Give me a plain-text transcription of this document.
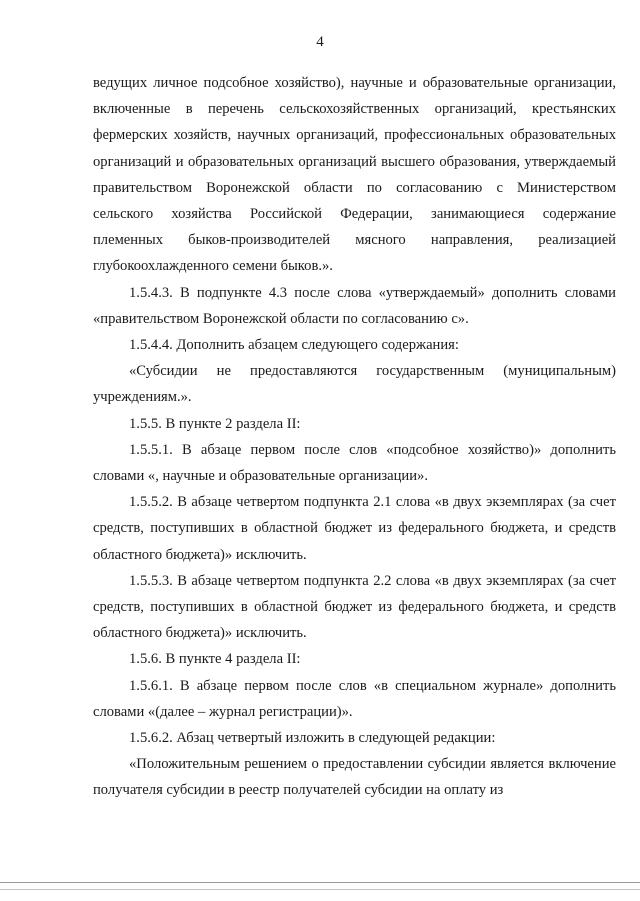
4

ведущих личное подсобное хозяйство), научные и образовательные организации, включенные в перечень сельскохозяйственных организаций, крестьянских фермерских хозяйств, научных организаций, профессиональных образовательных организаций и образовательных организаций высшего образования, утверждаемый правительством Воронежской области по согласованию с Министерством сельского хозяйства Российской Федерации, занимающиеся содержание племенных быков-производителей мясного направления, реализацией глубокоохлажденного семени быков.».

1.5.4.3. В подпункте 4.3 после слова «утверждаемый» дополнить словами «правительством Воронежской области по согласованию с».

1.5.4.4. Дополнить абзацем следующего содержания:

«Субсидии не предоставляются государственным (муниципальным) учреждениям.».

1.5.5. В пункте 2 раздела II:

1.5.5.1. В абзаце первом после слов «подсобное хозяйство)» дополнить словами «, научные и образовательные организации».

1.5.5.2. В абзаце четвертом подпункта 2.1 слова «в двух экземплярах (за счет средств, поступивших в областной бюджет из федерального бюджета, и средств областного бюджета)» исключить.

1.5.5.3. В абзаце четвертом подпункта 2.2 слова «в двух экземплярах (за счет средств, поступивших в областной бюджет из федерального бюджета, и средств областного бюджета)» исключить.

1.5.6. В пункте 4 раздела II:

1.5.6.1. В абзаце первом после слов «в специальном журнале» дополнить словами «(далее – журнал регистрации)».

1.5.6.2. Абзац четвертый изложить в следующей редакции:

«Положительным решением о предоставлении субсидии является включение получателя субсидии в реестр получателей субсидии на оплату из
